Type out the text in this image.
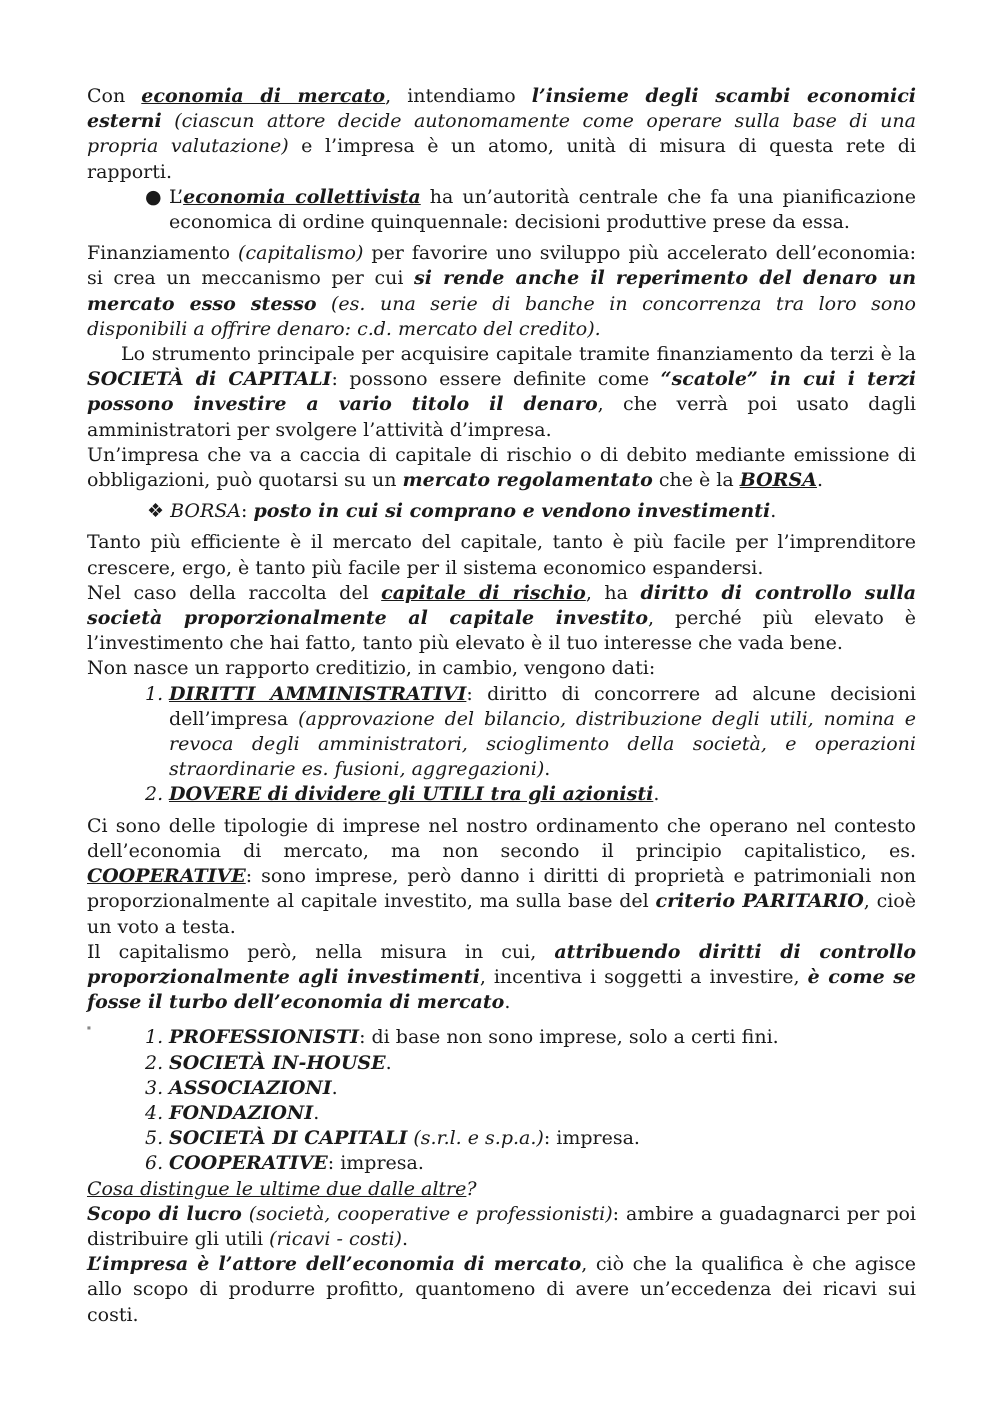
Con economia di mercato, intendiamo l’insieme degli scambi economici esterni (ciascun attore decide autonomamente come operare sulla base di una propria valutazione) e l’impresa è un atomo, unità di misura di questa rete di rapporti.

● L’economia collettivista ha un’autorità centrale che fa una pianificazione economica di ordine quinquennale: decisioni produttive prese da essa.

Finanziamento (capitalismo) per favorire uno sviluppo più accelerato dell’economia: si crea un meccanismo per cui si rende anche il reperimento del denaro un mercato esso stesso (es. una serie di banche in concorrenza tra loro sono disponibili a offrire denaro: c.d. mercato del credito).

Lo strumento principale per acquisire capitale tramite finanziamento da terzi è la SOCIETÀ di CAPITALI: possono essere definite come “scatole” in cui i terzi possono investire a vario titolo il denaro, che verrà poi usato dagli amministratori per svolgere l’attività d’impresa.

Un’impresa che va a caccia di capitale di rischio o di debito mediante emissione di obbligazioni, può quotarsi su un mercato regolamentato che è la BORSA.

❖ BORSA: posto in cui si comprano e vendono investimenti.

Tanto più efficiente è il mercato del capitale, tanto è più facile per l’imprenditore crescere, ergo, è tanto più facile per il sistema economico espandersi.

Nel caso della raccolta del capitale di rischio, ha diritto di controllo sulla società proporzionalmente al capitale investito, perché più elevato è l’investimento che hai fatto, tanto più elevato è il tuo interesse che vada bene.

Non nasce un rapporto creditizio, in cambio, vengono dati:

1. DIRITTI AMMINISTRATIVI: diritto di concorrere ad alcune decisioni dell’impresa (approvazione del bilancio, distribuzione degli utili, nomina e revoca degli amministratori, scioglimento della società, e operazioni straordinarie es. fusioni, aggregazioni).
2. DOVERE di dividere gli UTILI tra gli azionisti.

Ci sono delle tipologie di imprese nel nostro ordinamento che operano nel contesto dell’economia di mercato, ma non secondo il principio capitalistico, es. COOPERATIVE: sono imprese, però danno i diritti di proprietà e patrimoniali non proporzionalmente al capitale investito, ma sulla base del criterio PARITARIO, cioè un voto a testa.

Il capitalismo però, nella misura in cui, attribuendo diritti di controllo proporzionalmente agli investimenti, incentiva i soggetti a investire, è come se fosse il turbo dell’economia di mercato.

■	1. PROFESSIONISTI: di base non sono imprese, solo a certi fini.
2. SOCIETÀ IN-HOUSE.
3. ASSOCIAZIONI.
4. FONDAZIONI.
5. SOCIETÀ DI CAPITALI (s.r.l. e s.p.a.): impresa.
6. COOPERATIVE: impresa.

Cosa distingue le ultime due dalle altre?

Scopo di lucro (società, cooperative e professionisti): ambire a guadagnarci per poi distribuire gli utili (ricavi - costi).

L’impresa è l’attore dell’economia di mercato, ciò che la qualifica è che agisce allo scopo di produrre profitto, quantomeno di avere un’eccedenza dei ricavi sui costi.
